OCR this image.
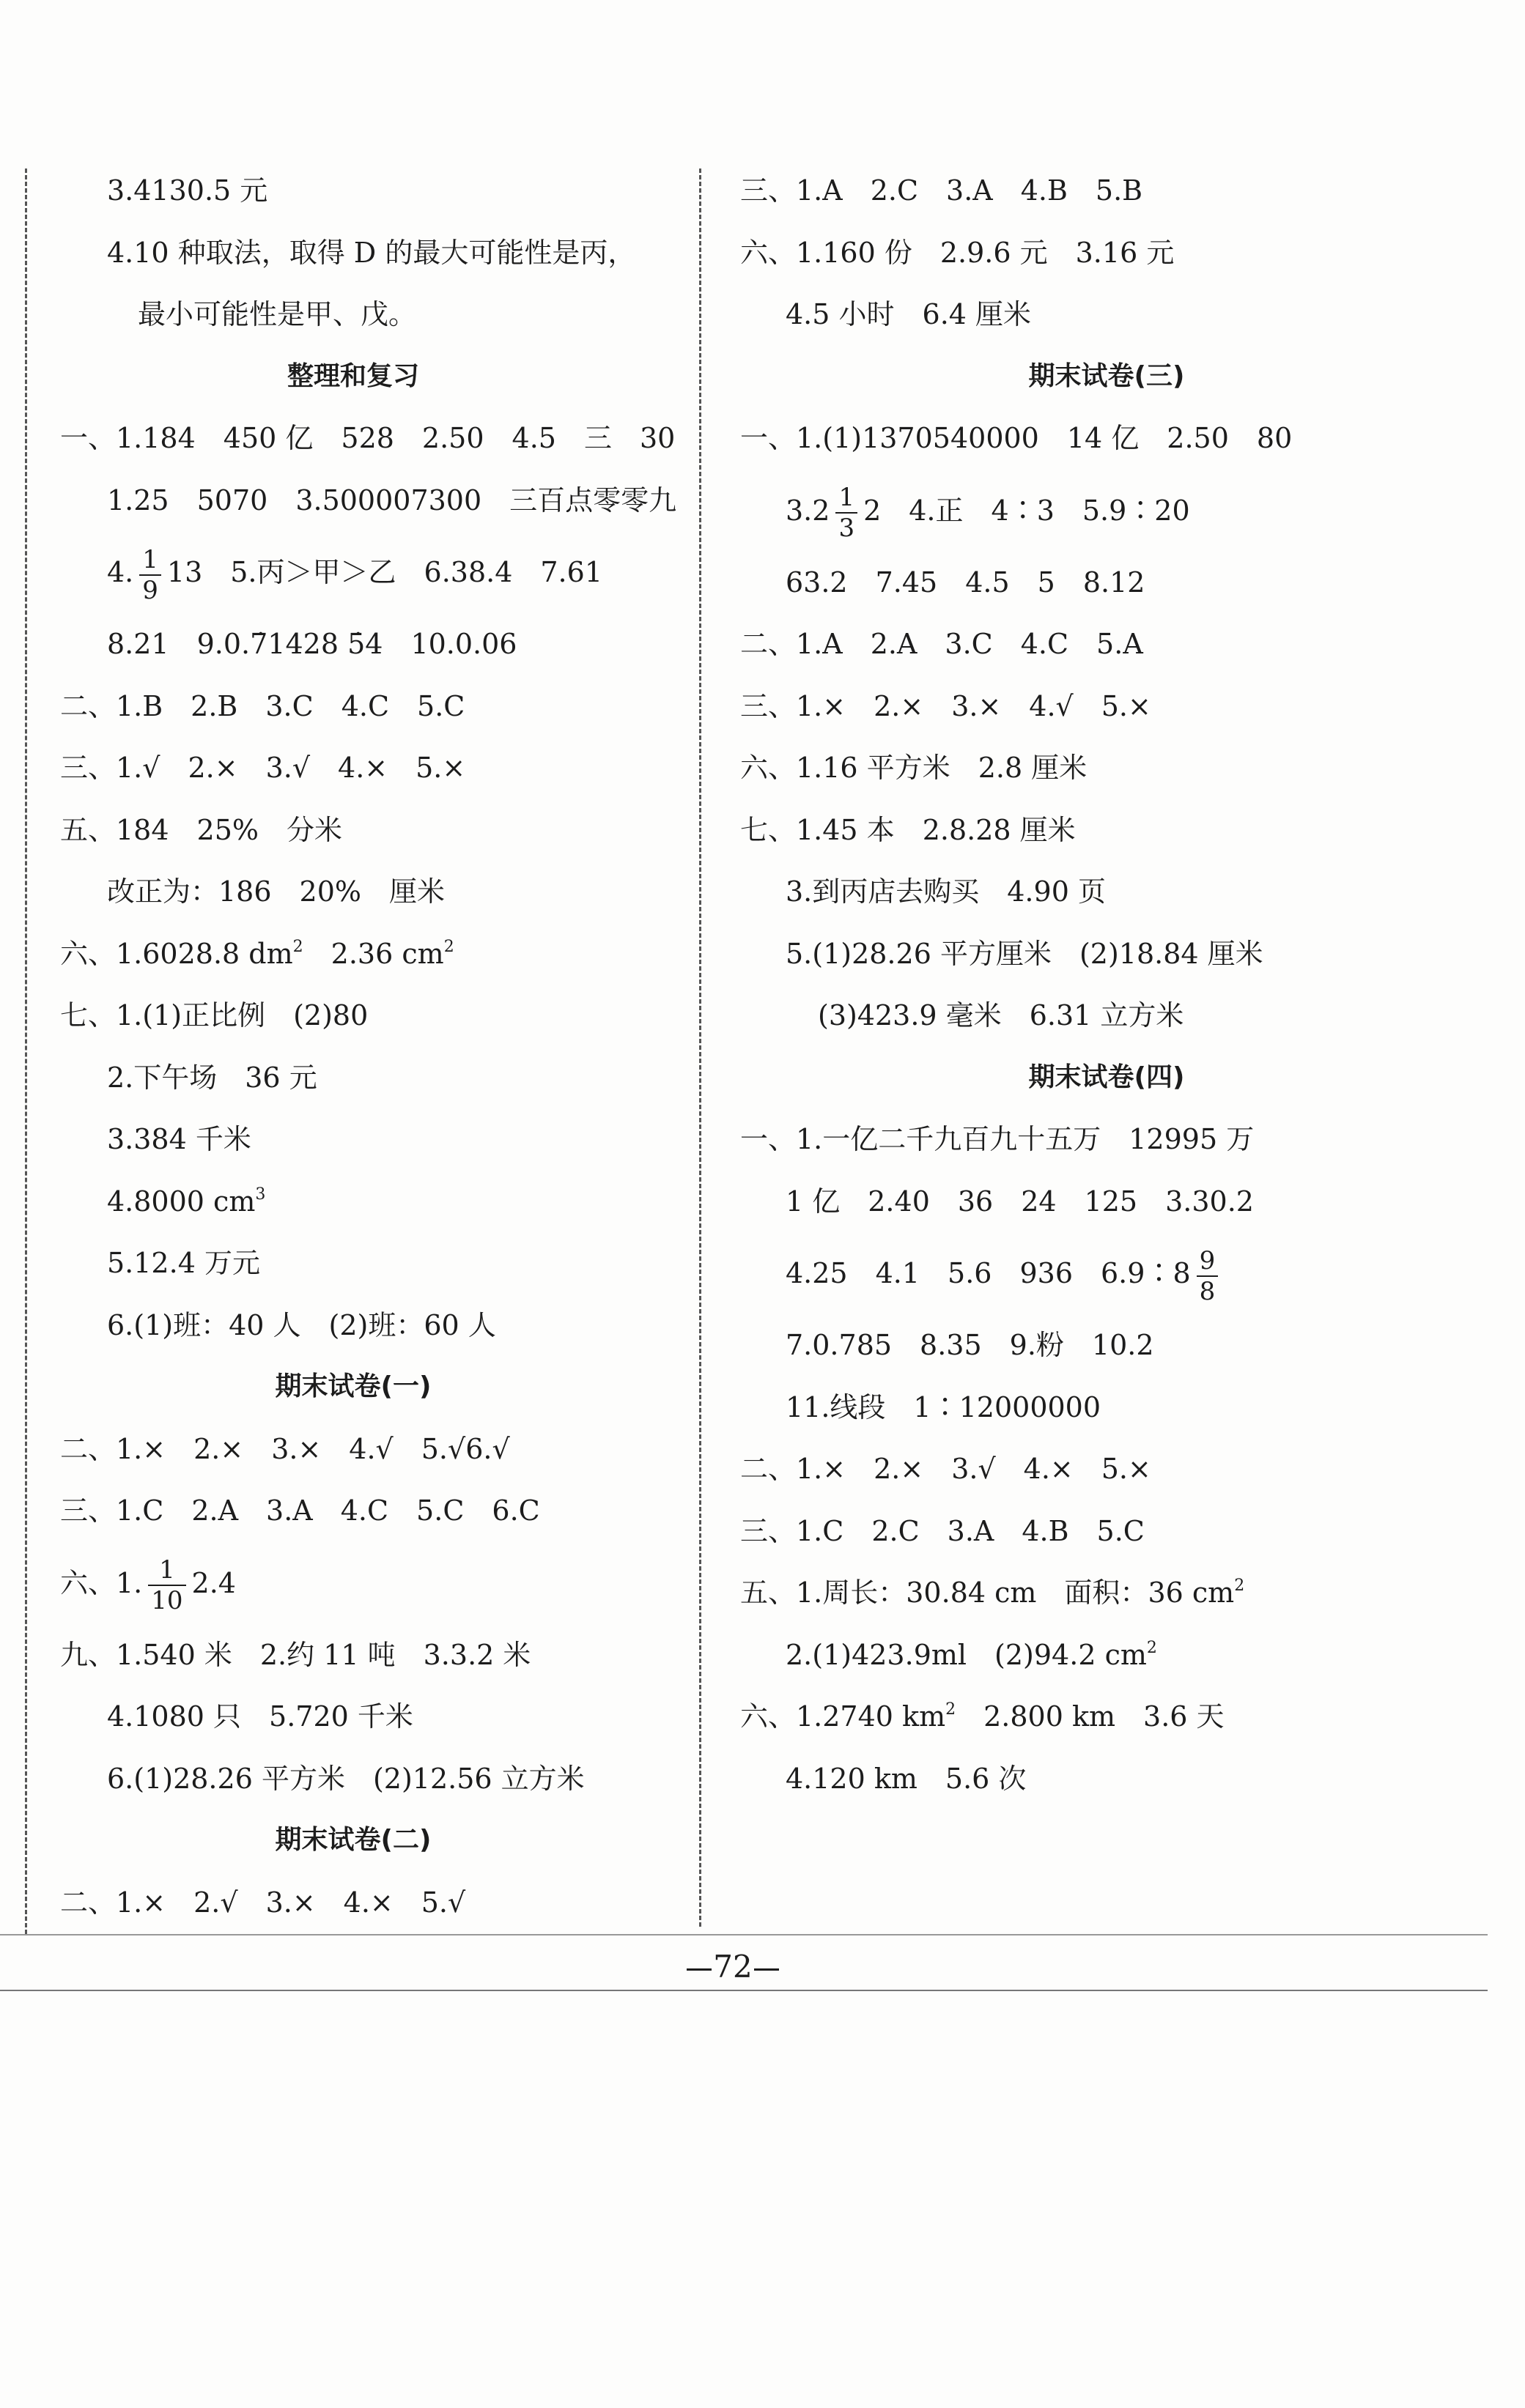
3.4130.5 元
4.10 种取法，取得 D 的最大可能性是丙，
最小可能性是甲、戊。
整理和复习
一、1.184　450 亿　528　2.50　4.5　三　30
1.25　5070　3.500007300　三百点零零九
4. $\frac{1}{9} 13$　5.丙＞甲＞乙　6.38.4　7.61
8.21　9.0.7̇1428 5̇4　10.0.06
二、1.B　2.B　3.C　4.C　5.C
三、1.√　2.×　3.√　4.×　5.×
五、184　25%　分米
改正为：186　20%　厘米
六、1.6028.8 $dm^2$　2.36 $cm^2$
七、1.(1)正比例　(2)80
2.下午场　36 元
3.384 千米
4.8000 $cm^3$
5.12.4 万元
6.(1)班：40 人　(2)班：60 人
期末试卷(一)
二、1.×　2.×　3.×　4.√　5.√6.√
三、1.C　2.A　3.A　4.C　5.C　6.C
六、1. $\frac{1}{10} 2.4$
九、1.540 米　2.约 11 吨　3.3.2 米
4.1080 只　5.720 千米
6.(1)28.26 平方米　(2)12.56 立方米
期末试卷(二)
二、1.×　2.√　3.×　4.×　5.√
三、1.A　2.C　3.A　4.B　5.B
六、1.160 份　2.9.6 元　3.16 元
4.5 小时　6.4 厘米
期末试卷(三)
一、1.(1)1370540000　14 亿　2.50　80
$3.2 \frac{1}{3} 2$　4.正　4∶3　5.9∶20
63.2　7.45　4.5　5　8.12
二、1.A　2.A　3.C　4.C　5.A
三、1.×　2.×　3.×　4.√　5.×
六、1.16 平方米　2.8 厘米
七、1.45 本　2.8.28 厘米
3.到丙店去购买　4.90 页
5.(1)28.26 平方厘米　(2)18.84 厘米
(3)423.9 毫米　6.31 立方米
期末试卷(四)
一、1.一亿二千九百九十五万　12995 万
1 亿　2.40　36　24　125　3.30.2
4.25　4.1　5.6　936　6.9∶8 $\frac{9}{8}$
7.0.785　8.35　9.粉　10.2
11.线段　1∶12000000
二、1.×　2.×　3.√　4.×　5.×
三、1.C　2.C　3.A　4.B　5.C
五、1.周长：30.84 cm　面积：36 $cm^2$
2.(1)423.9ml　(2)94.2 $cm^2$
六、1.2740 $km^2$　2.800 km　3.6 天
4.120 km　5.6 次
72
